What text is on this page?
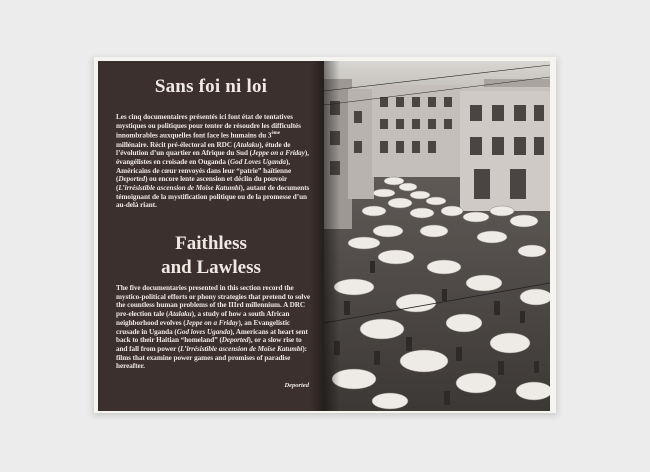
Sans foi ni loi

Les cinq documentaires présentés ici font état de tentatives mystiques ou politiques pour tenter de résoudre les difficultés innombrables auxquelles font face les humains du 3ème millénaire. Récit pré-électoral en RDC (Atalaku), étude de l’évolution d’un quartier en Afrique du Sud (Jeppe on a Friday), évangélistes en croisade en Ouganda (God Loves Uganda), Américains de cœur renvoyés dans leur “patrie” haïtienne (Deported) ou encore lente ascension et déclin du pouvoir (L’irrésistible ascension de Moïse Katumbi), autant de documents témoignant de la mystification politique ou de la promesse d’un au-delà riant.

Faithless
and Lawless

The five documentaries presented in this section record the mystico-political efforts or phony strategies that pretend to solve the countless human problems of the IIIrd millennium. A DRC pre-election tale (Atalaku), a study of how a south African neighborhood evolves (Jeppe on a Friday), an Evangelistic crusade in Uganda (God loves Uganda), Americans at heart sent back to their Haitian “homeland” (Deported), or a slow rise to and fall from power (L’irrésistible ascension de Moïse Katumbi): films that examine power games and promises of paradise hereafter.

Deported
